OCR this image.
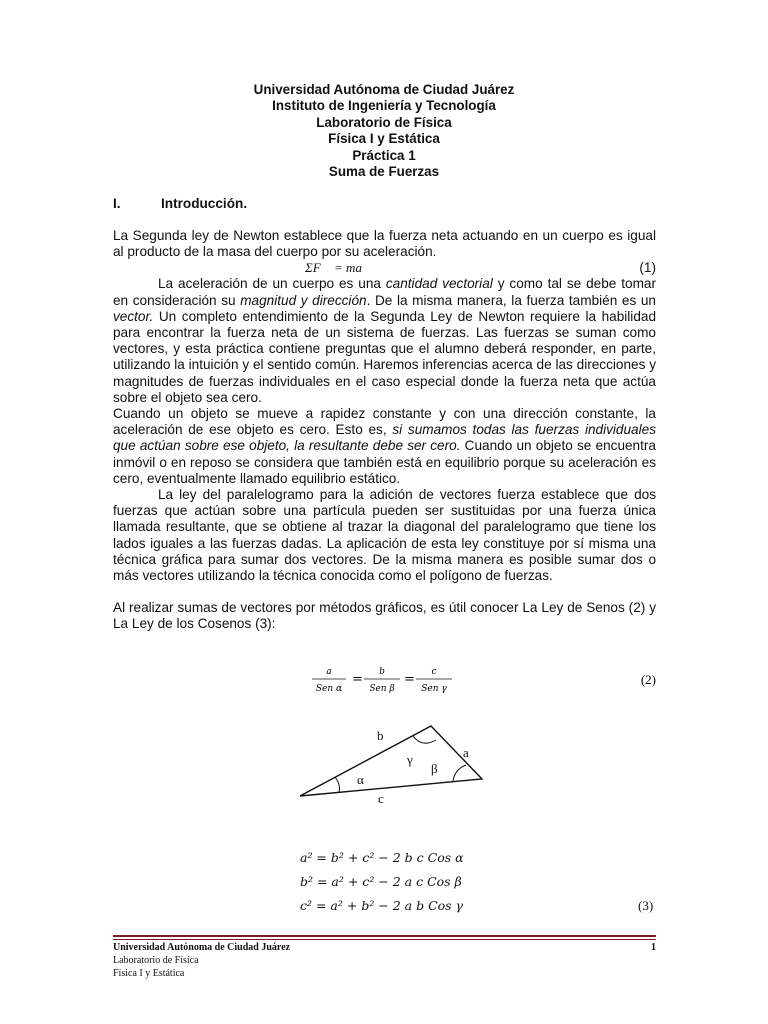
Universidad Autónoma de Ciudad Juárez
Instituto de Ingeniería y Tecnología
Laboratorio de Física
Física I y Estática
Práctica 1
Suma de Fuerzas
I.	Introducción.

La Segunda ley de Newton establece que la fuerza neta actuando en un cuerpo es igual al producto de la masa del cuerpo por su aceleración.

ΣF⃗ = ma⃗	(1)

La aceleración de un cuerpo es una cantidad vectorial y como tal se debe tomar en consideración su magnitud y dirección. De la misma manera, la fuerza también es un vector. Un completo entendimiento de la Segunda Ley de Newton requiere la habilidad para encontrar la fuerza neta de un sistema de fuerzas. Las fuerzas se suman como vectores, y esta práctica contiene preguntas que el alumno deberá responder, en parte, utilizando la intuición y el sentido común. Haremos inferencias acerca de las direcciones y magnitudes de fuerzas individuales en el caso especial donde la fuerza neta que actúa sobre el objeto sea cero.

Cuando un objeto se mueve a rapidez constante y con una dirección constante, la aceleración de ese objeto es cero. Esto es, si sumamos todas las fuerzas individuales que actúan sobre ese objeto, la resultante debe ser cero. Cuando un objeto se encuentra inmóvil o en reposo se considera que también está en equilibrio porque su aceleración es cero, eventualmente llamado equilibrio estático.

La ley del paralelogramo para la adición de vectores fuerza establece que dos fuerzas que actúan sobre una partícula pueden ser sustituidas por una fuerza única llamada resultante, que se obtiene al trazar la diagonal del paralelogramo que tiene los lados iguales a las fuerzas dadas. La aplicación de esta ley constituye por sí misma una técnica gráfica para sumar dos vectores. De la misma manera es posible sumar dos o más vectores utilizando la técnica conocida como el polígono de fuerzas.

Al realizar sumas de vectores por métodos gráficos, es útil conocer La Ley de Senos (2) y La Ley de los Cosenos (3):

a
Sen α
= b
Sen β
= c
Sen γ
(2)
b
a
c
α
γ
β
a² = b² + c² − 2 b c Cos α
b² = a² + c² − 2 a c Cos β
c² = a² + b² − 2 a b Cos γ	(3)
Universidad Autónoma de Ciudad Juárez
Laboratorio de Física
Física I y Estática
1
